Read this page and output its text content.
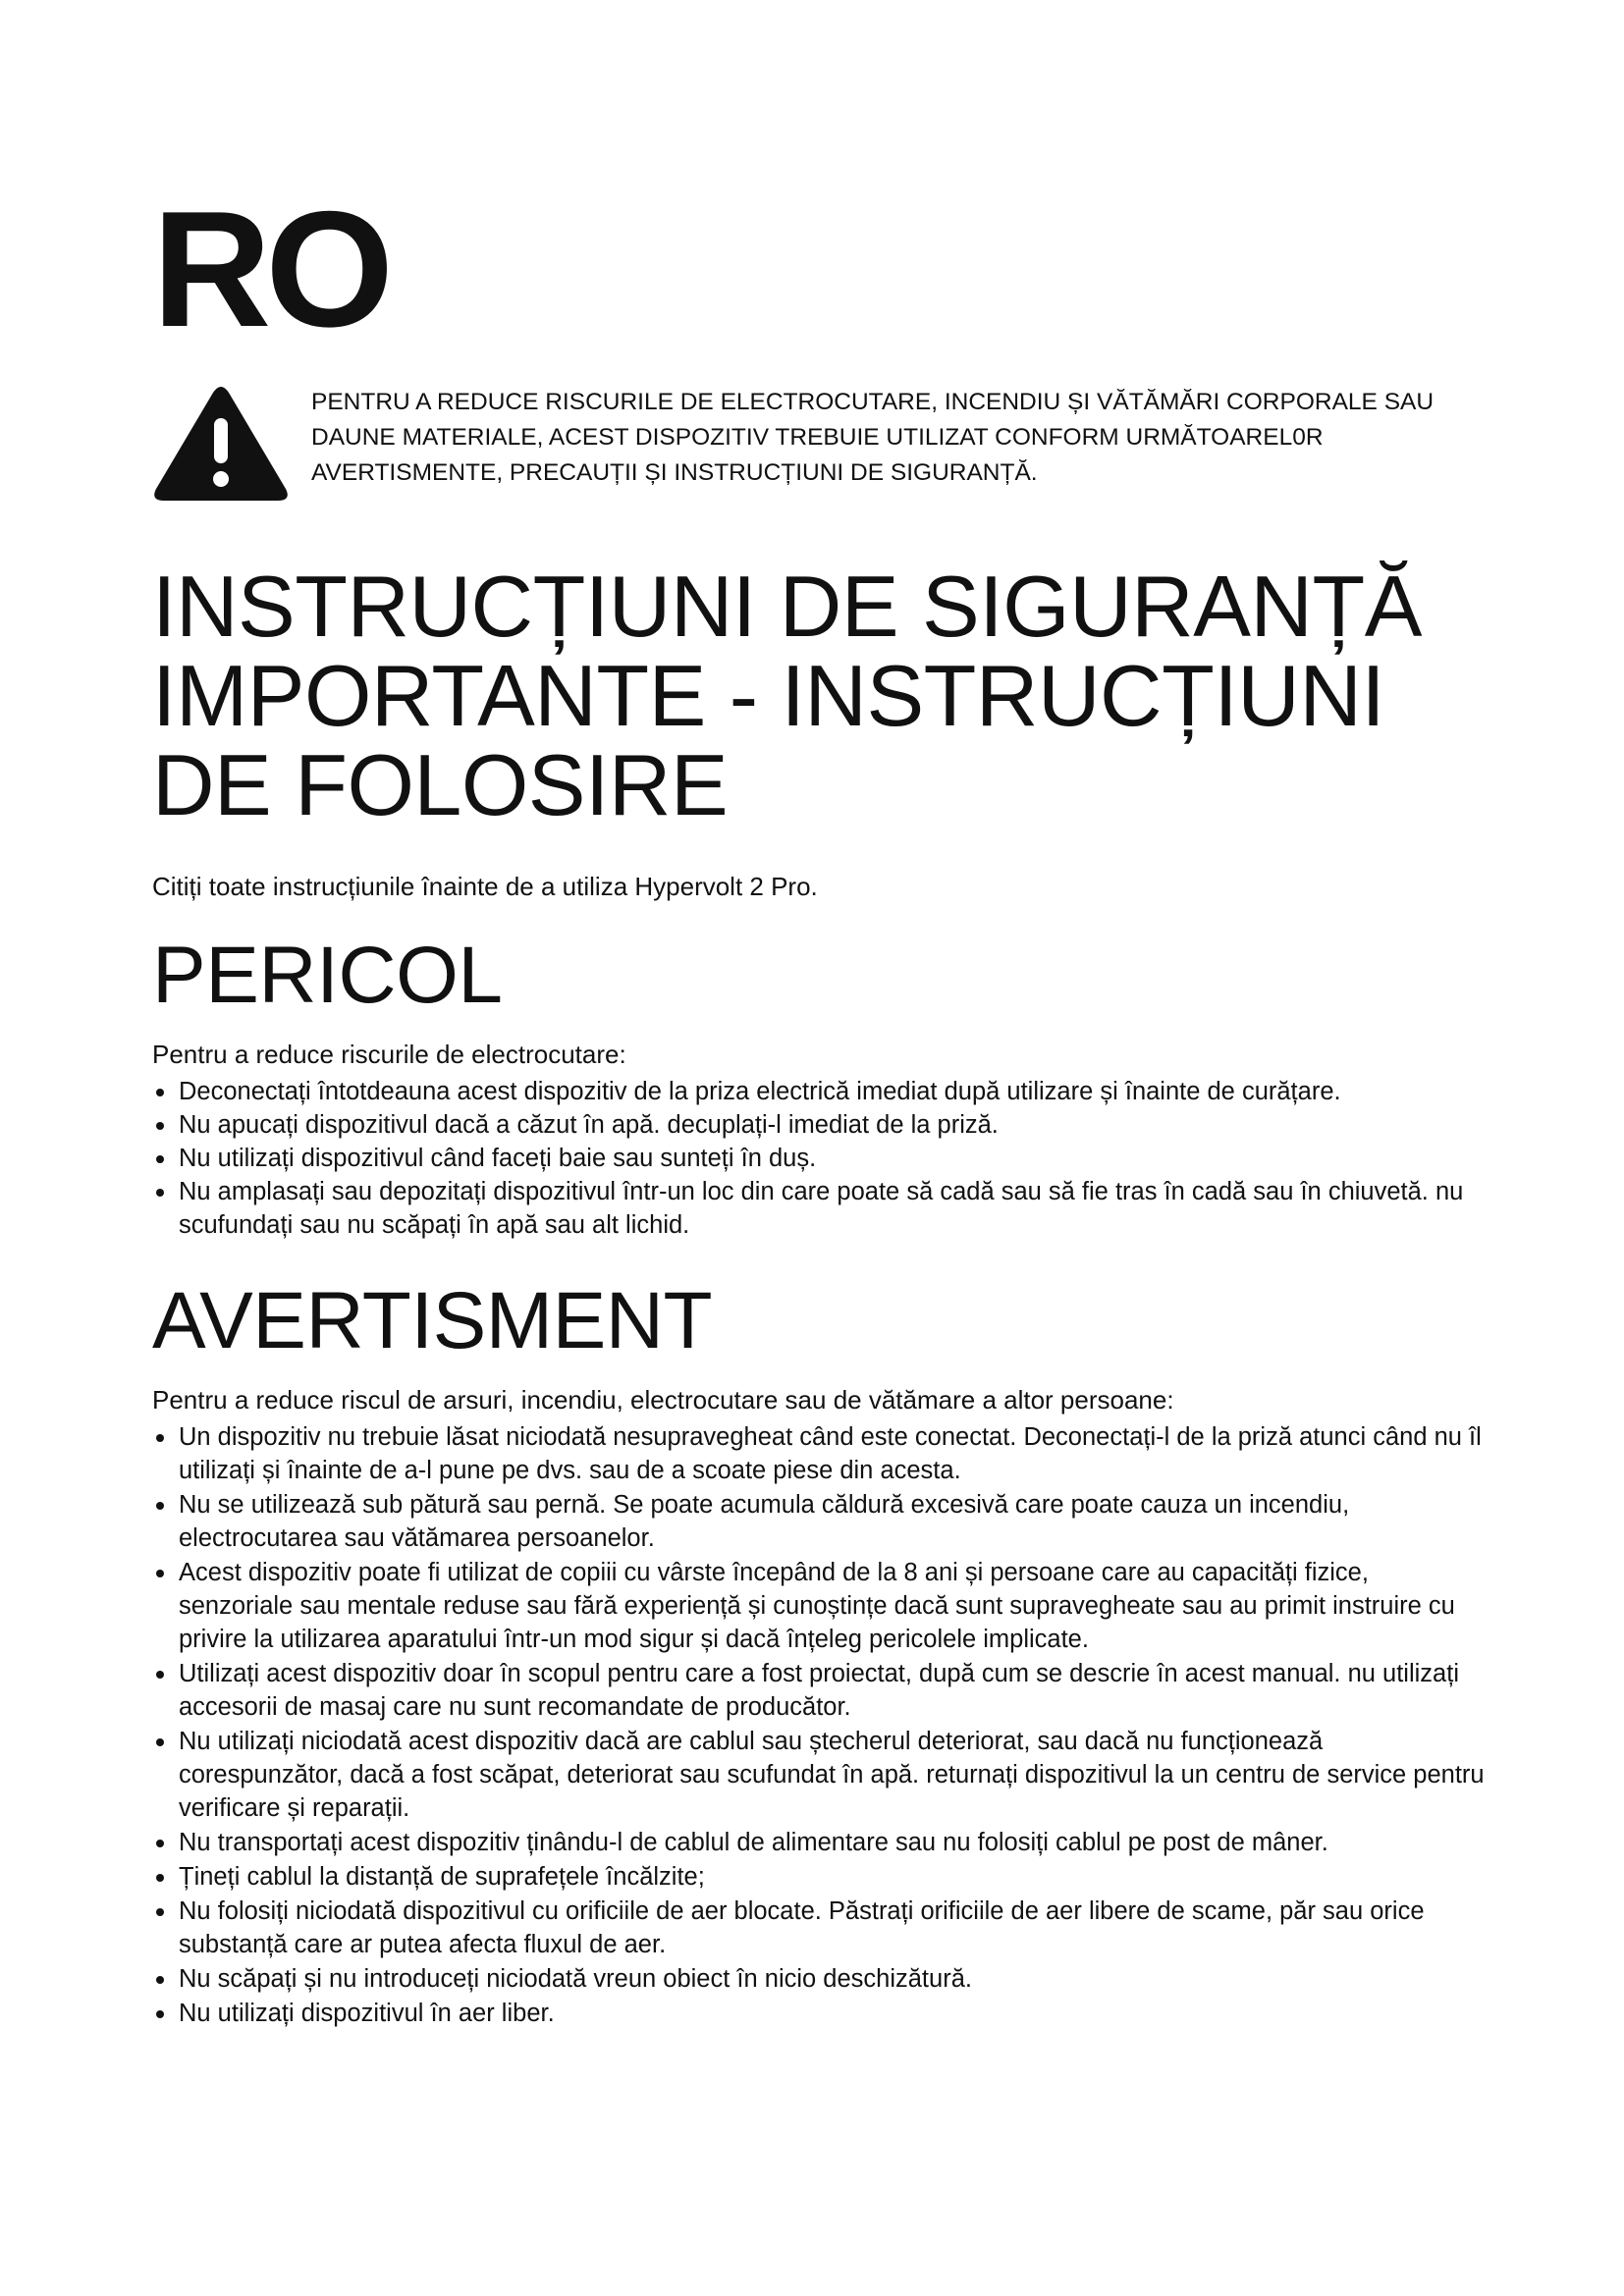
RO

PENTRU A REDUCE RISCURILE DE ELECTROCUTARE, INCENDIU ȘI VĂTĂMĂRI CORPORALE SAU DAUNE MATERIALE, ACEST DISPOZITIV TREBUIE UTILIZAT CONFORM URMĂTOAREL0R AVERTISMENTE, PRECAUȚII ȘI INSTRUCȚIUNI DE SIGURANȚĂ.

INSTRUCȚIUNI DE SIGURANȚĂ IMPORTANTE - INSTRUCȚIUNI DE FOLOSIRE

Citiți toate instrucțiunile înainte de a utiliza Hypervolt 2 Pro.

PERICOL

Pentru a reduce riscurile de electrocutare:

Deconectați întotdeauna acest dispozitiv de la priza electrică imediat după utilizare și înainte de curățare.
Nu apucați dispozitivul dacă a căzut în apă. decuplați-l imediat de la priză.
Nu utilizați dispozitivul când faceți baie sau sunteți în duș.
Nu amplasați sau depozitați dispozitivul într-un loc din care poate să cadă sau să fie tras în cadă sau în chiuvetă. nu scufundați sau nu scăpați în apă sau alt lichid.
AVERTISMENT

Pentru a reduce riscul de arsuri, incendiu, electrocutare sau de vătămare a altor persoane:

Un dispozitiv nu trebuie lăsat niciodată nesupravegheat când este conectat. Deconectați-l de la priză atunci când nu îl utilizați și înainte de a-l pune pe dvs. sau de a scoate piese din acesta.
Nu se utilizează sub pătură sau pernă. Se poate acumula căldură excesivă care poate cauza un incendiu, electrocutarea sau vătămarea persoanelor.
Acest dispozitiv poate fi utilizat de copiii cu vârste începând de la 8 ani și persoane care au capacități fizice, senzoriale sau mentale reduse sau fără experiență și cunoștințe dacă sunt supravegheate sau au primit instruire cu privire la utilizarea aparatului într-un mod sigur și dacă înțeleg pericolele implicate.
Utilizați acest dispozitiv doar în scopul pentru care a fost proiectat, după cum se descrie în acest manual. nu utilizați accesorii de masaj care nu sunt recomandate de producător.
Nu utilizați niciodată acest dispozitiv dacă are cablul sau ștecherul deteriorat, sau dacă nu funcționează corespunzător, dacă a fost scăpat, deteriorat sau scufundat în apă. returnați dispozitivul la un centru de service pentru verificare și reparații.
Nu transportați acest dispozitiv ținându-l de cablul de alimentare sau nu folosiți cablul pe post de mâner.
Țineți cablul la distanță de suprafețele încălzite;
Nu folosiți niciodată dispozitivul cu orificiile de aer blocate. Păstrați orificiile de aer libere de scame, păr sau orice substanță care ar putea afecta fluxul de aer.
Nu scăpați și nu introduceți niciodată vreun obiect în nicio deschizătură.
Nu utilizați dispozitivul în aer liber.
